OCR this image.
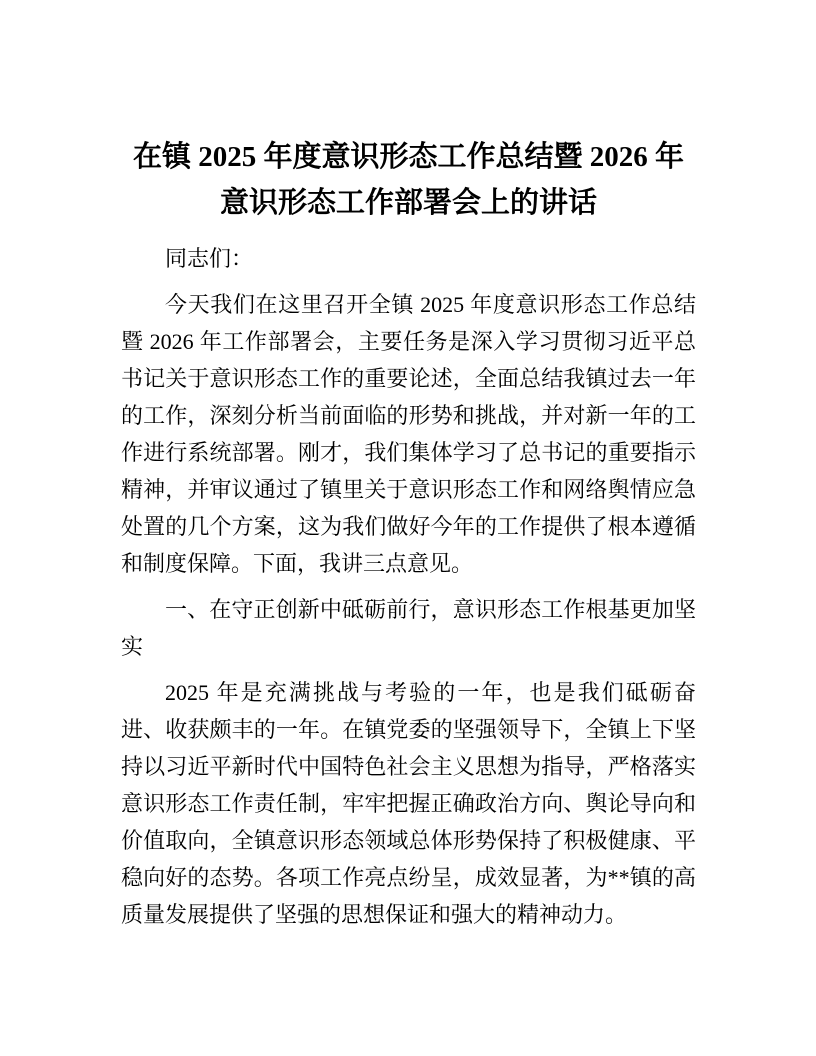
在镇 2025 年度意识形态工作总结暨 2026 年意识形态工作部署会上的讲话

同志们：

今天我们在这里召开全镇 2025 年度意识形态工作总结暨 2026 年工作部署会，主要任务是深入学习贯彻习近平总书记关于意识形态工作的重要论述，全面总结我镇过去一年的工作，深刻分析当前面临的形势和挑战，并对新一年的工作进行系统部署。刚才，我们集体学习了总书记的重要指示精神，并审议通过了镇里关于意识形态工作和网络舆情应急处置的几个方案，这为我们做好今年的工作提供了根本遵循和制度保障。下面，我讲三点意见。

一、在守正创新中砥砺前行，意识形态工作根基更加坚实

2025 年是充满挑战与考验的一年，也是我们砥砺奋进、收获颇丰的一年。在镇党委的坚强领导下，全镇上下坚持以习近平新时代中国特色社会主义思想为指导，严格落实意识形态工作责任制，牢牢把握正确政治方向、舆论导向和价值取向，全镇意识形态领域总体形势保持了积极健康、平稳向好的态势。各项工作亮点纷呈，成效显著，为**镇的高质量发展提供了坚强的思想保证和强大的精神动力。
